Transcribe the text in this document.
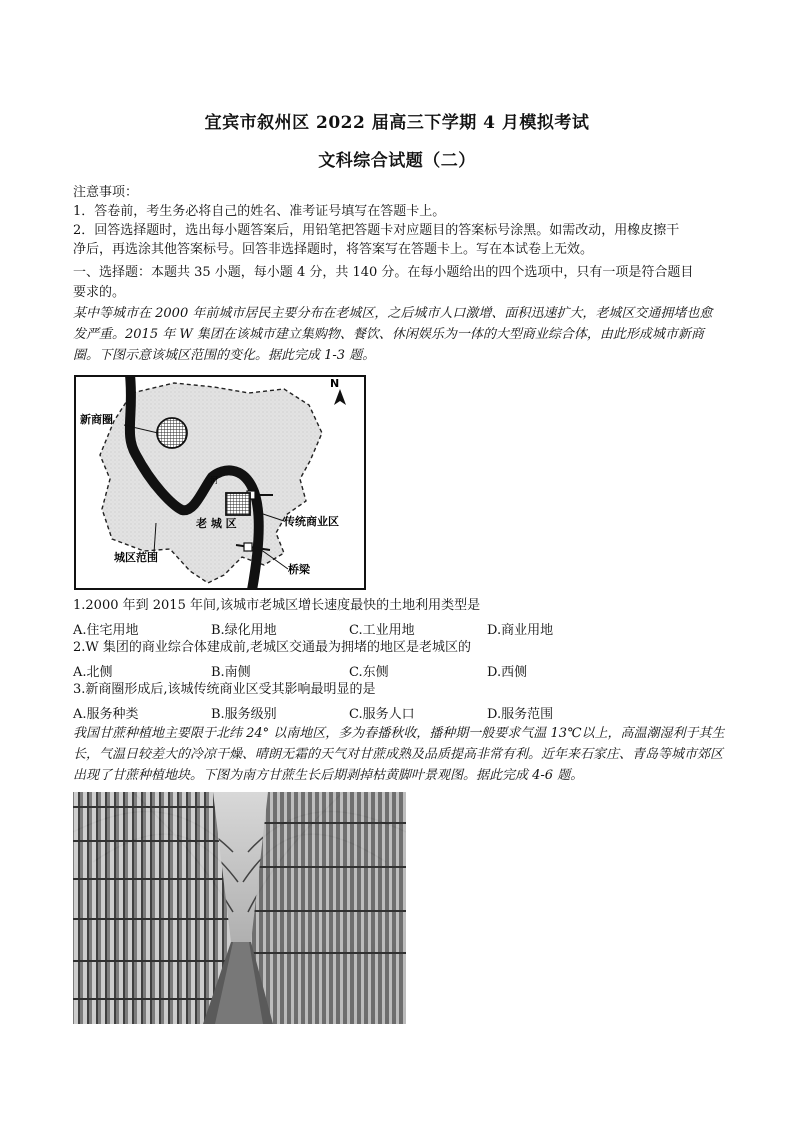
宜宾市叙州区 2022 届高三下学期 4 月模拟考试
文科综合试题（二）
注意事项：
1．答卷前，考生务必将自己的姓名、准考证号填写在答题卡上。
2．回答选择题时，选出每小题答案后，用铅笔把答题卡对应题目的答案标号涂黑。如需改动，用橡皮擦干
净后，再选涂其他答案标号。回答非选择题时，将答案写在答题卡上。写在本试卷上无效。
一、选择题：本题共 35 小题，每小题 4 分，共 140 分。在每小题给出的四个选项中，只有一项是符合题目
要求的。
某中等城市在 2000 年前城市居民主要分布在老城区，之后城市人口激增、面积迅速扩大，老城区交通拥堵也愈发严重。2015 年 W 集团在该城市建立集购物、餐饮、休闲娱乐为一体的大型商业综合体，由此形成城市新商圈。下图示意该城区范围的变化。据此完成 1-3 题。
N
新商圈
老 城 区	传统商业区
城区范围
桥梁
河
1.2000 年到 2015 年间,该城市老城区增长速度最快的土地利用类型是
A.住宅用地	B.绿化用地	C.工业用地	D.商业用地
2.W 集团的商业综合体建成前,老城区交通最为拥堵的地区是老城区的
A.北侧	B.南侧	C.东侧	D.西侧
3.新商圈形成后,该城传统商业区受其影响最明显的是
A.服务种类	B.服务级别	C.服务人口	D.服务范围
我国甘蔗种植地主要限于北纬 24° 以南地区，多为春播秋收，播种期一般要求气温 13℃以上，高温潮湿利于其生长，气温日较差大的冷凉干燥、晴朗无霜的天气对甘蔗成熟及品质提高非常有利。近年来石家庄、青岛等城市郊区出现了甘蔗种植地块。下图为南方甘蔗生长后期剥掉枯黄脚叶景观图。据此完成 4-6 题。
